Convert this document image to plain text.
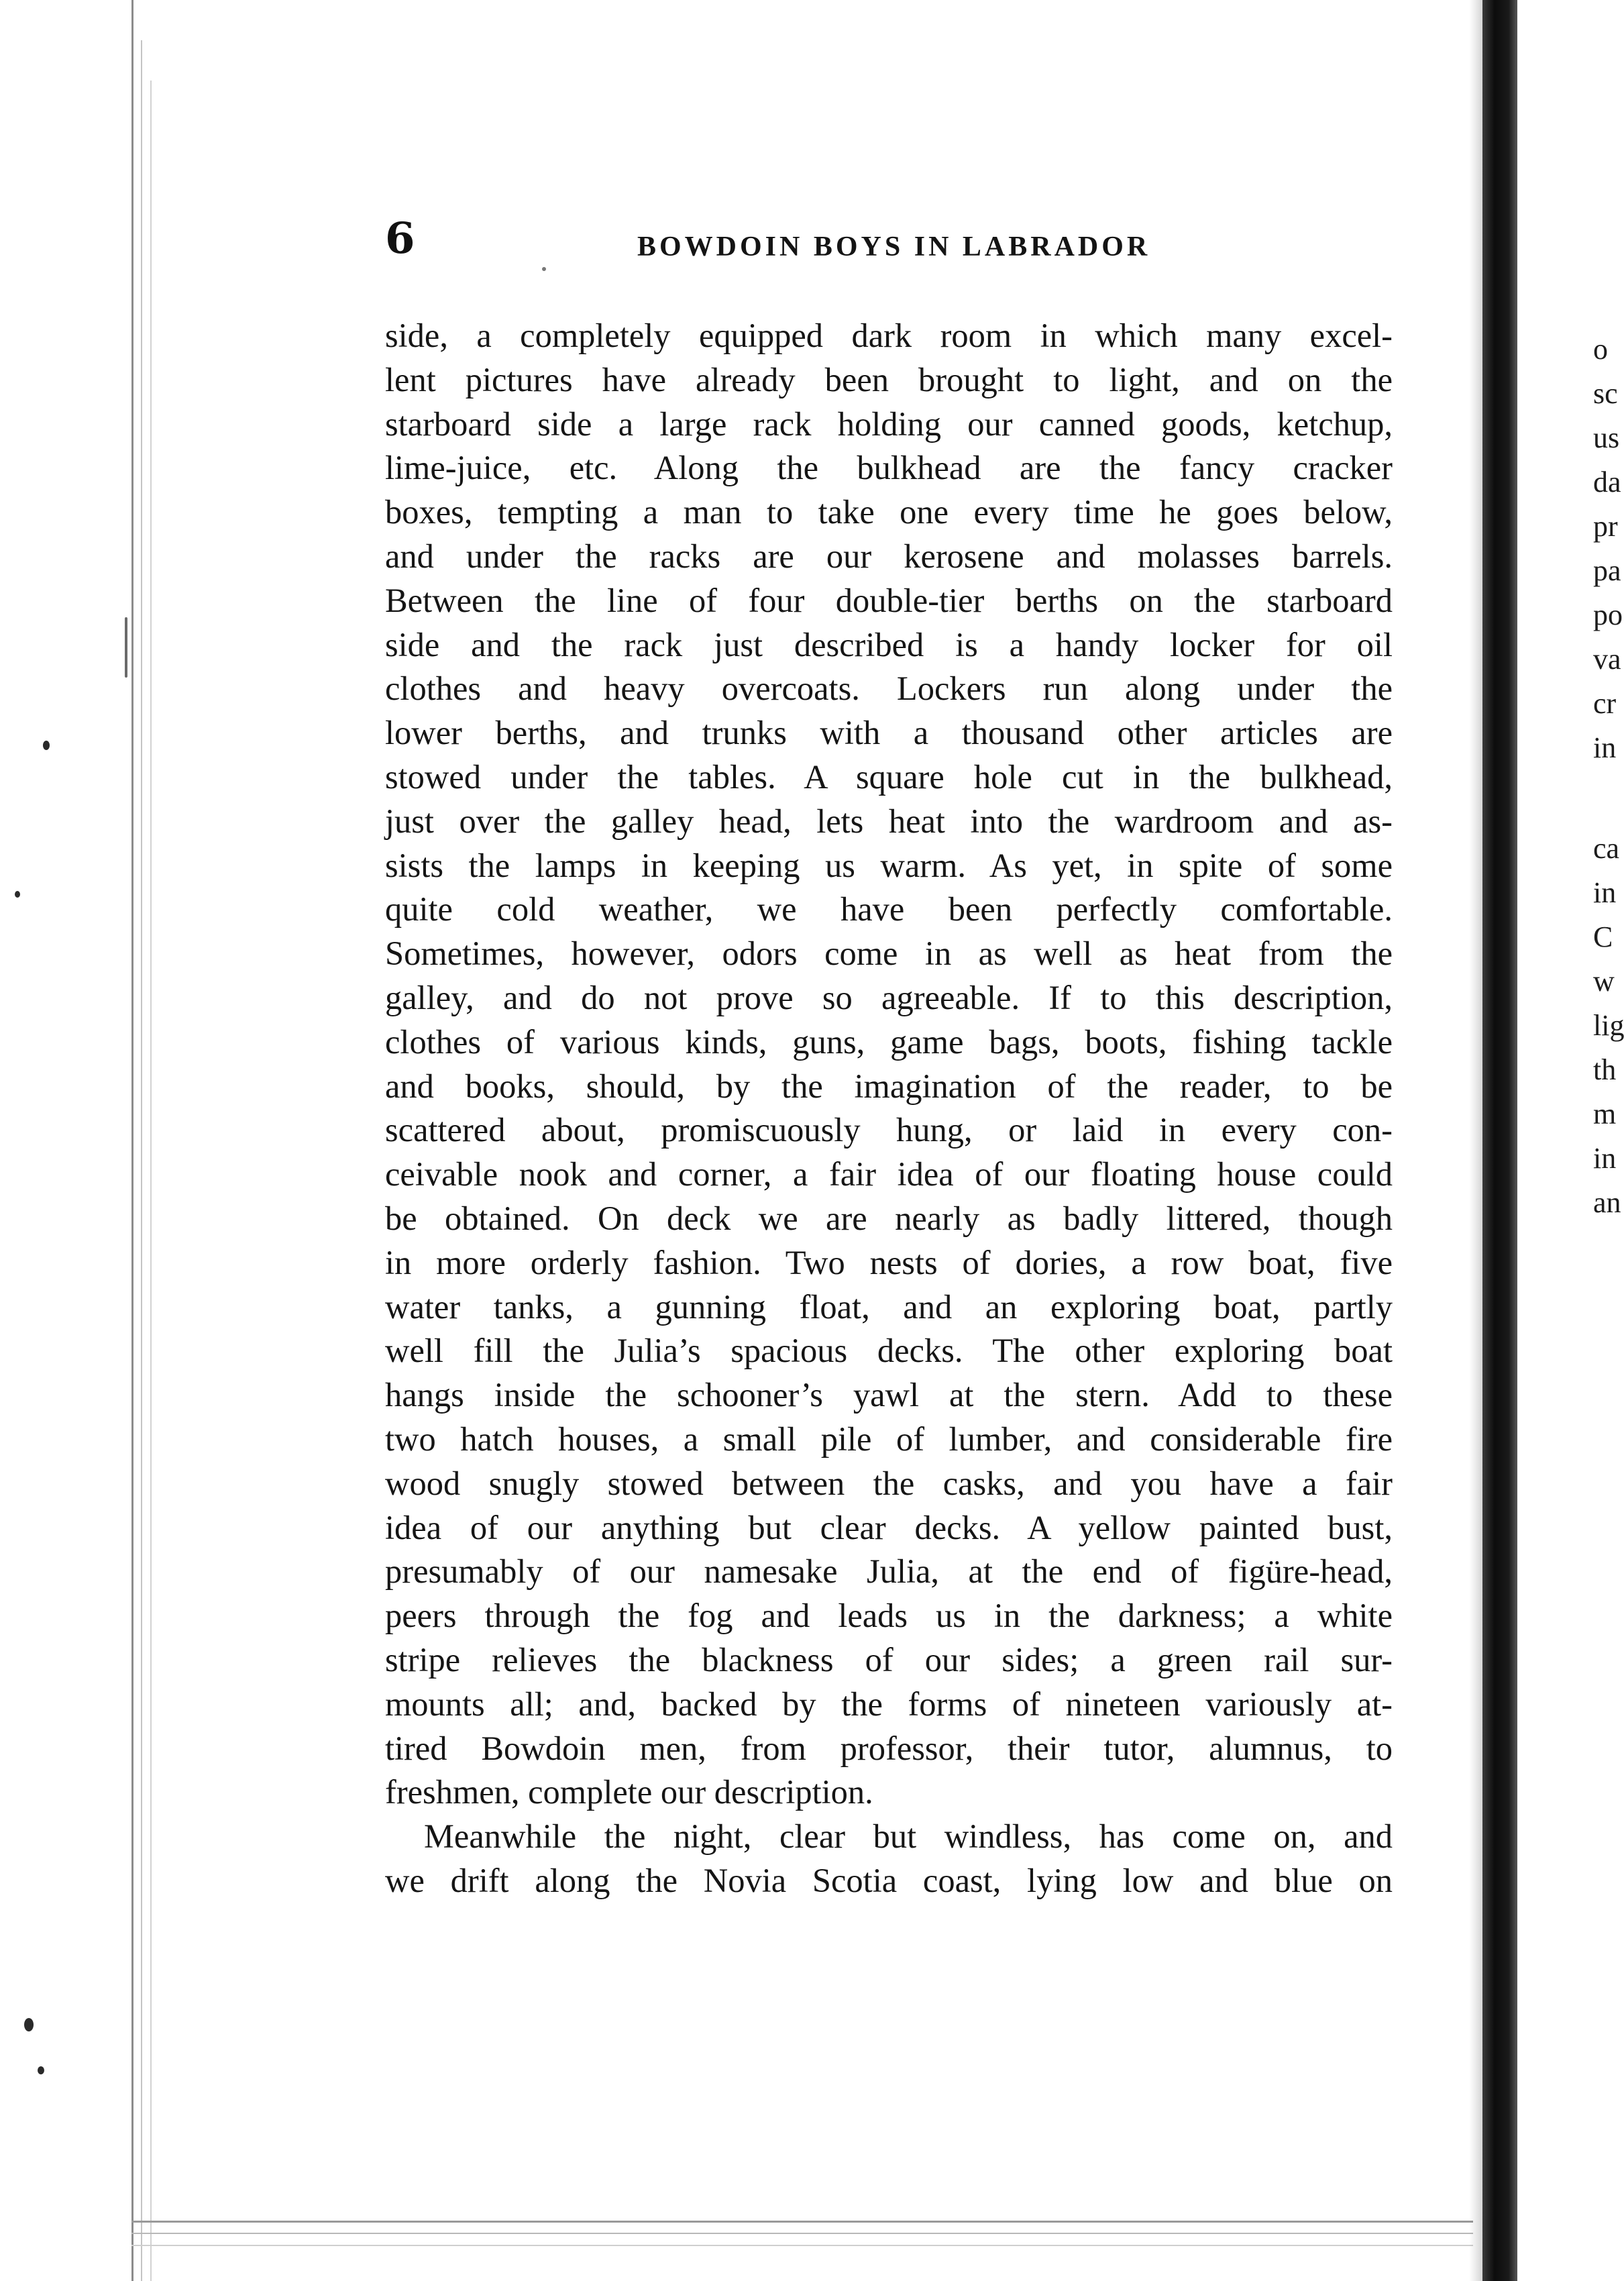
6	BOWDOIN BOYS IN LABRADOR
side, a completely equipped dark room in which many excel-
lent pictures have already been brought to light, and on the
starboard side a large rack holding our canned goods, ketchup,
lime-juice, etc. Along the bulkhead are the fancy cracker
boxes, tempting a man to take one every time he goes below,
and under the racks are our kerosene and molasses barrels.
Between the line of four double-tier berths on the starboard
side and the rack just described is a handy locker for oil
clothes and heavy overcoats. Lockers run along under the
lower berths, and trunks with a thousand other articles are
stowed under the tables. A square hole cut in the bulkhead,
just over the galley head, lets heat into the wardroom and as-
sists the lamps in keeping us warm. As yet, in spite of some
quite cold weather, we have been perfectly comfortable.
Sometimes, however, odors come in as well as heat from the
galley, and do not prove so agreeable. If to this description,
clothes of various kinds, guns, game bags, boots, fishing tackle
and books, should, by the imagination of the reader, to be
scattered about, promiscuously hung, or laid in every con-
ceivable nook and corner, a fair idea of our floating house could
be obtained. On deck we are nearly as badly littered, though
in more orderly fashion. Two nests of dories, a row boat, five
water tanks, a gunning float, and an exploring boat, partly
well fill the Julia’s spacious decks. The other exploring boat
hangs inside the schooner’s yawl at the stern. Add to these
two hatch houses, a small pile of lumber, and considerable fire
wood snugly stowed between the casks, and you have a fair
idea of our anything but clear decks. A yellow painted bust,
presumably of our namesake Julia, at the end of figüre-head,
peers through the fog and leads us in the darkness; a white
stripe relieves the blackness of our sides; a green rail sur-
mounts all; and, backed by the forms of nineteen variously at-
tired Bowdoin men, from professor, their tutor, alumnus, to
freshmen, complete our description.
Meanwhile the night, clear but windless, has come on, and
we drift along the Novia Scotia coast, lying low and blue on
o
sc
us
da
pr
pa
po
va
cr
in
ca
in
C
w
lig
th
m
in
an
